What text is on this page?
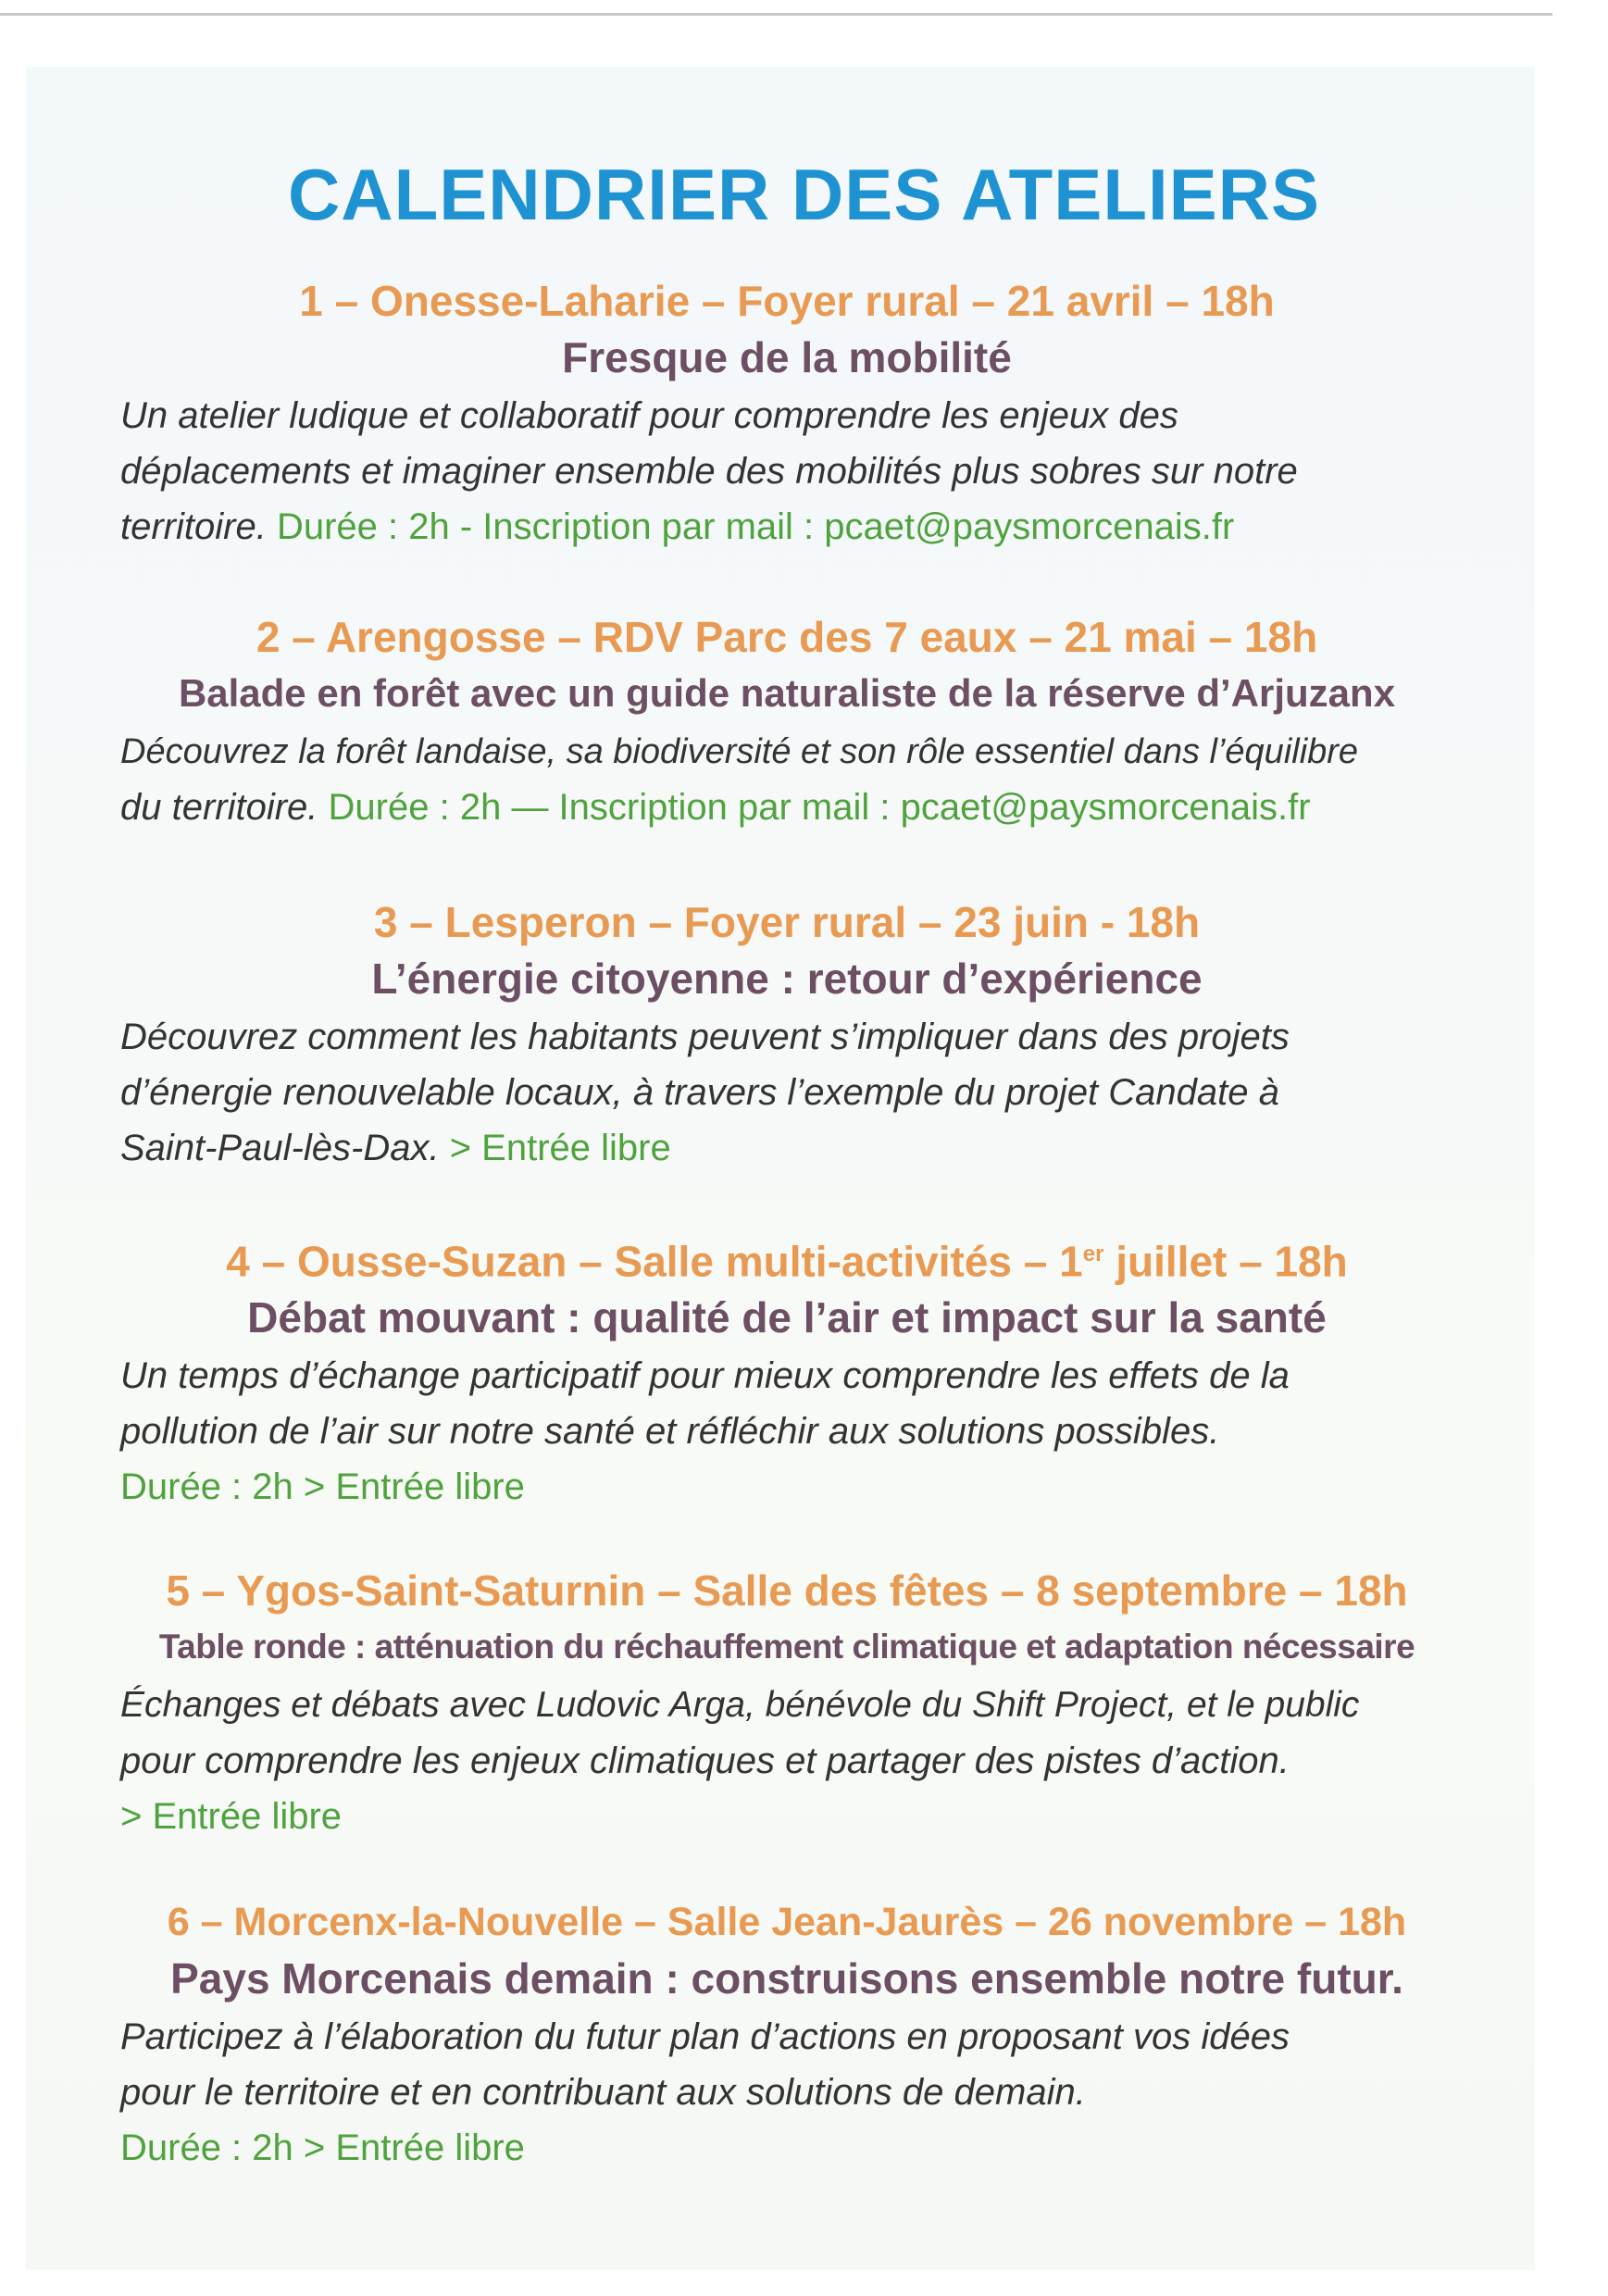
CALENDRIER DES ATELIERS
1 – Onesse-Laharie – Foyer rural – 21 avril – 18h
Fresque de la mobilité
Un atelier ludique et collaboratif pour comprendre les enjeux des
déplacements et imaginer ensemble des mobilités plus sobres sur notre
territoire. Durée : 2h - Inscription par mail : pcaet@paysmorcenais.fr
2 – Arengosse – RDV Parc des 7 eaux – 21 mai – 18h
Balade en forêt avec un guide naturaliste de la réserve d’Arjuzanx
Découvrez la forêt landaise, sa biodiversité et son rôle essentiel dans l’équilibre
du territoire. Durée : 2h — Inscription par mail : pcaet@paysmorcenais.fr
3 – Lesperon – Foyer rural – 23 juin - 18h
L’énergie citoyenne : retour d’expérience
Découvrez comment les habitants peuvent s’impliquer dans des projets
d’énergie renouvelable locaux, à travers l’exemple du projet Candate à
Saint-Paul-lès-Dax. > Entrée libre
4 – Ousse-Suzan – Salle multi-activités – 1er juillet – 18h
Débat mouvant : qualité de l’air et impact sur la santé
Un temps d’échange participatif pour mieux comprendre les effets de la
pollution de l’air sur notre santé et réfléchir aux solutions possibles.
Durée : 2h > Entrée libre
5 – Ygos-Saint-Saturnin – Salle des fêtes – 8 septembre – 18h
Table ronde : atténuation du réchauffement climatique et adaptation nécessaire
Échanges et débats avec Ludovic Arga, bénévole du Shift Project, et le public
pour comprendre les enjeux climatiques et partager des pistes d’action.
> Entrée libre
6 – Morcenx-la-Nouvelle – Salle Jean-Jaurès – 26 novembre – 18h
Pays Morcenais demain : construisons ensemble notre futur.
Participez à l’élaboration du futur plan d’actions en proposant vos idées
pour le territoire et en contribuant aux solutions de demain.
Durée : 2h > Entrée libre
